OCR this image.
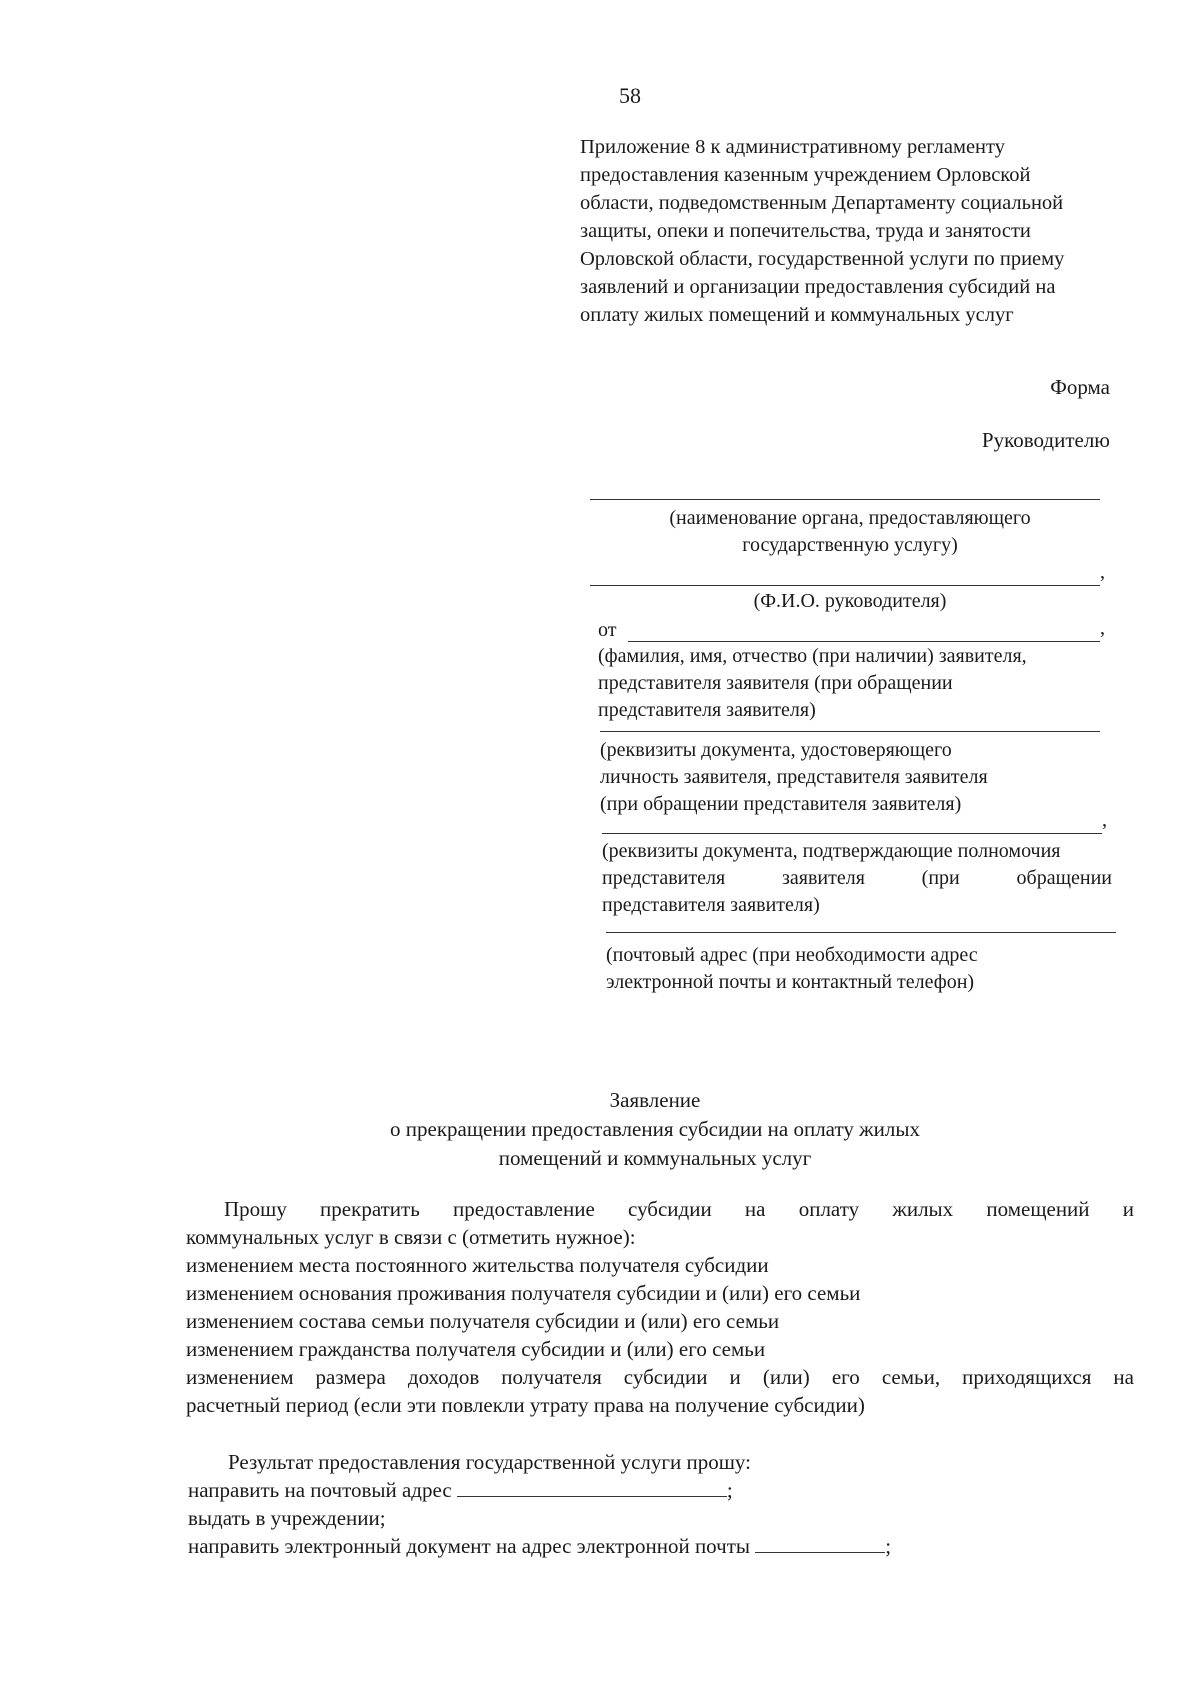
58
Приложение 8 к административному регламенту
предоставления казенным учреждением Орловской
области, подведомственным Департаменту социальной
защиты, опеки и попечительства, труда и занятости
Орловской области, государственной услуги по приему
заявлений и организации предоставления субсидий на
оплату жилых помещений и коммунальных услуг
Форма
Руководителю
(наименование органа, предоставляющего
государственную услугу)
,
(Ф.И.О. руководителя)
от	,
(фамилия, имя, отчество (при наличии) заявителя,
представителя заявителя (при обращении
представителя заявителя)
(реквизиты документа, удостоверяющего
личность заявителя, представителя заявителя
(при обращении представителя заявителя)
,
(реквизиты документа, подтверждающие полномочия
представителя	заявителя	(при	обращении
представителя заявителя)
(почтовый адрес (при необходимости адрес
электронной почты и контактный телефон)
Заявление
о прекращении предоставления субсидии на оплату жилых
помещений и коммунальных услуг
Прошу прекратить предоставление субсидии на оплату жилых помещений и
коммунальных услуг в связи с (отметить нужное):
изменением места постоянного жительства получателя субсидии
изменением основания проживания получателя субсидии и (или) его семьи
изменением состава семьи получателя субсидии и (или) его семьи
изменением гражданства получателя субсидии и (или) его семьи
изменением размера доходов получателя субсидии и (или) его семьи, приходящихся на
расчетный период (если эти повлекли утрату права на получение субсидии)
Результат предоставления государственной услуги прошу:
направить на почтовый адрес	;
выдать в учреждении;
направить электронный документ на адрес электронной почты	;
